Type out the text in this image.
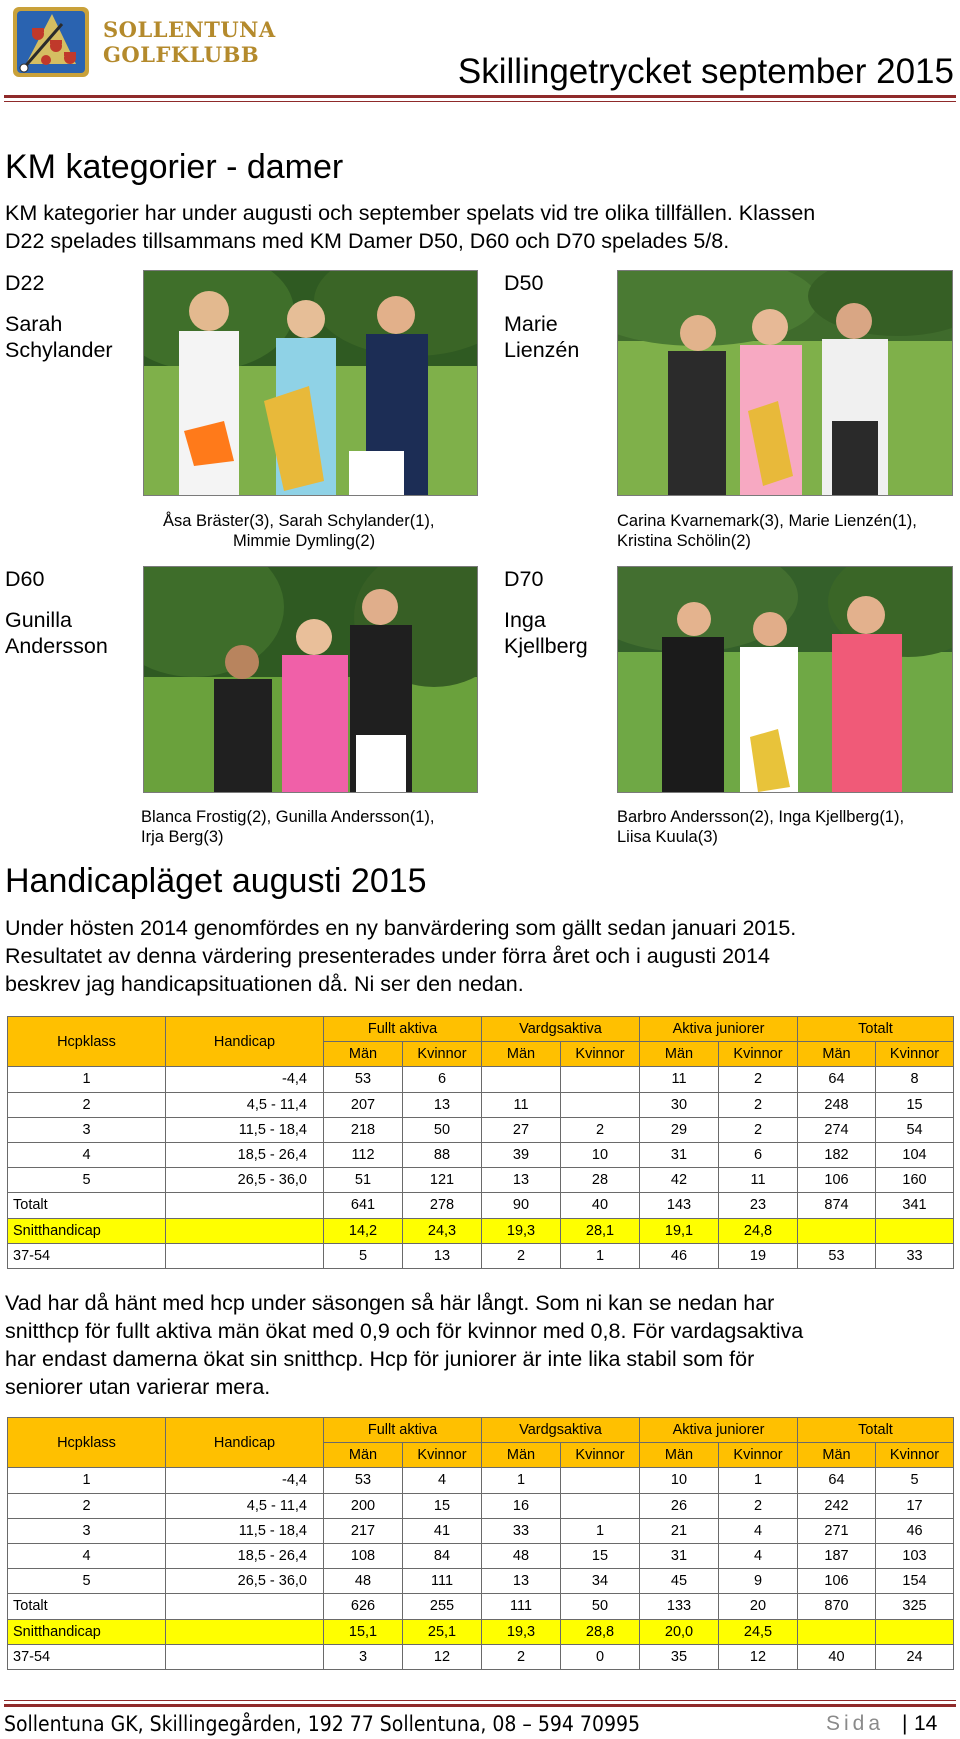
SOLLENTUNA
GOLFKLUBB	Skillingetrycket september 2015
KM kategorier - damer
KM kategorier har under augusti och september spelats vid tre olika tillfällen. Klassen
D22 spelades tillsammans med KM Damer D50, D60 och D70 spelades 5/8.
D22
Sarah
Schylander
Åsa Bräster(3), Sarah Schylander(1),
Mimmie Dymling(2)
D50
Marie
Lienzén
Carina Kvarnemark(3), Marie Lienzén(1),
Kristina Schölin(2)
D60
Gunilla
Andersson
Blanca Frostig(2), Gunilla Andersson(1),
Irja Berg(3)
D70
Inga
Kjellberg
Barbro Andersson(2), Inga Kjellberg(1),
Liisa Kuula(3)
Handicapläget augusti 2015
Under hösten 2014 genomfördes en ny banvärdering som gällt sedan januari 2015.
Resultatet av denna värdering presenterades under förra året och i augusti 2014
beskrev jag handicapsituationen då. Ni ser den nedan.
Hcpklass	Handicap	Fullt aktiva		Vardgsaktiva		Aktiva juniorer		Totalt	
		Män	Kvinnor	Män	Kvinnor	Män	Kvinnor	Män	Kvinnor
1	-4,4	53	6			11	2	64	8
2	4,5 - 11,4	207	13	11		30	2	248	15
3	11,5 - 18,4	218	50	27	2	29	2	274	54
4	18,5 - 26,4	112	88	39	10	31	6	182	104
5	26,5 - 36,0	51	121	13	28	42	11	106	160
Totalt		641	278	90	40	143	23	874	341
Snitthandicap		14,2	24,3	19,3	28,1	19,1	24,8		
37-54		5	13	2	1	46	19	53	33
Vad har då hänt med hcp under säsongen så här långt. Som ni kan se nedan har
snitthcp för fullt aktiva män ökat med 0,9 och för kvinnor med 0,8. För vardagsaktiva
har endast damerna ökat sin snitthcp. Hcp för juniorer är inte lika stabil som för
seniorer utan varierar mera.
Hcpklass	Handicap	Fullt aktiva		Vardgsaktiva		Aktiva juniorer		Totalt	
		Män	Kvinnor	Män	Kvinnor	Män	Kvinnor	Män	Kvinnor
1	-4,4	53	4	1		10	1	64	5
2	4,5 - 11,4	200	15	16		26	2	242	17
3	11,5 - 18,4	217	41	33	1	21	4	271	46
4	18,5 - 26,4	108	84	48	15	31	4	187	103
5	26,5 - 36,0	48	111	13	34	45	9	106	154
Totalt		626	255	111	50	133	20	870	325
Snitthandicap		15,1	25,1	19,3	28,8	20,0	24,5		
37-54		3	12	2	0	35	12	40	24
Sollentuna GK, Skillingegården, 192 77 Sollentuna, 08 – 594 70995	Sida | 14
